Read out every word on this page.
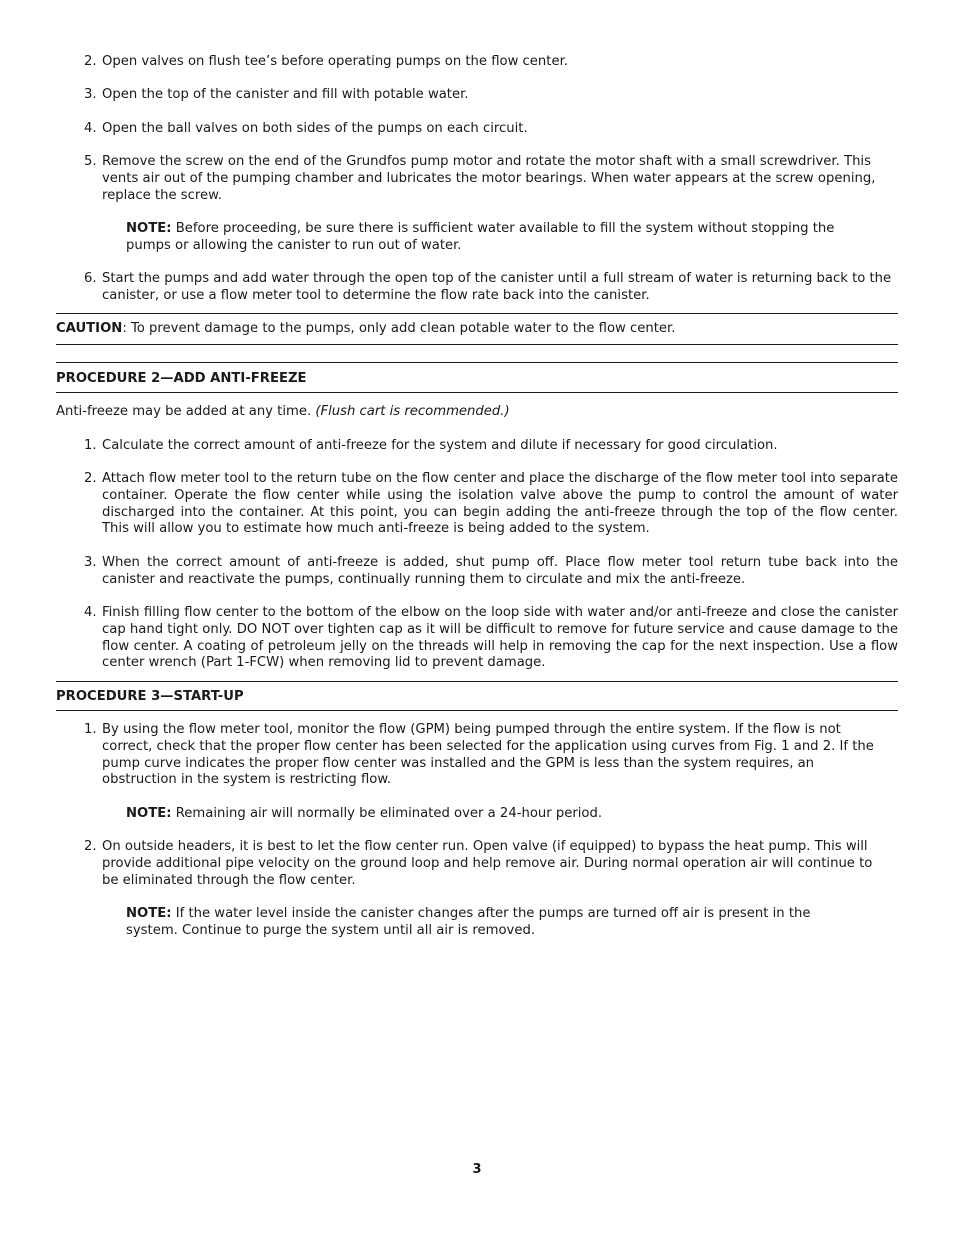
2. Open valves on flush tee’s before operating pumps on the flow center.

3. Open the top of the canister and fill with potable water.

4. Open the ball valves on both sides of the pumps on each circuit.

5. Remove the screw on the end of the Grundfos pump motor and rotate the motor shaft with a small screwdriver. This vents air out of the pumping chamber and lubricates the motor bearings. When water appears at the screw opening, replace the screw.

NOTE: Before proceeding, be sure there is sufficient water available to fill the system without stopping the pumps or allowing the canister to run out of water.

6. Start the pumps and add water through the open top of the canister until a full stream of water is returning back to the canister, or use a flow meter tool to determine the flow rate back into the canister.

CAUTION: To prevent damage to the pumps, only add clean potable water to the flow center.

PROCEDURE 2—ADD ANTI-FREEZE

Anti-freeze may be added at any time. (Flush cart is recommended.)

1. Calculate the correct amount of anti-freeze for the system and dilute if necessary for good circulation.

2. Attach flow meter tool to the return tube on the flow center and place the discharge of the flow meter tool into separate container. Operate the flow center while using the isolation valve above the pump to control the amount of water discharged into the container. At this point, you can begin adding the anti-freeze through the top of the flow center. This will allow you to estimate how much anti-freeze is being added to the system.

3. When the correct amount of anti-freeze is added, shut pump off. Place flow meter tool return tube back into the canister and reactivate the pumps, continually running them to circulate and mix the anti-freeze.

4. Finish filling flow center to the bottom of the elbow on the loop side with water and/or anti-freeze and close the canister cap hand tight only. DO NOT over tighten cap as it will be difficult to remove for future service and cause damage to the flow center. A coating of petroleum jelly on the threads will help in removing the cap for the next inspection. Use a flow center wrench (Part 1-FCW) when removing lid to prevent damage.

PROCEDURE 3—START-UP

1. By using the flow meter tool, monitor the flow (GPM) being pumped through the entire system. If the flow is not correct, check that the proper flow center has been selected for the application using curves from Fig. 1 and 2. If the pump curve indicates the proper flow center was installed and the GPM is less than the system requires, an obstruction in the system is restricting flow.

NOTE: Remaining air will normally be eliminated over a 24-hour period.

2. On outside headers, it is best to let the flow center run. Open valve (if equipped) to bypass the heat pump. This will provide additional pipe velocity on the ground loop and help remove air. During normal operation air will continue to be eliminated through the flow center.

NOTE: If the water level inside the canister changes after the pumps are turned off air is present in the system. Continue to purge the system until all air is removed.

3
